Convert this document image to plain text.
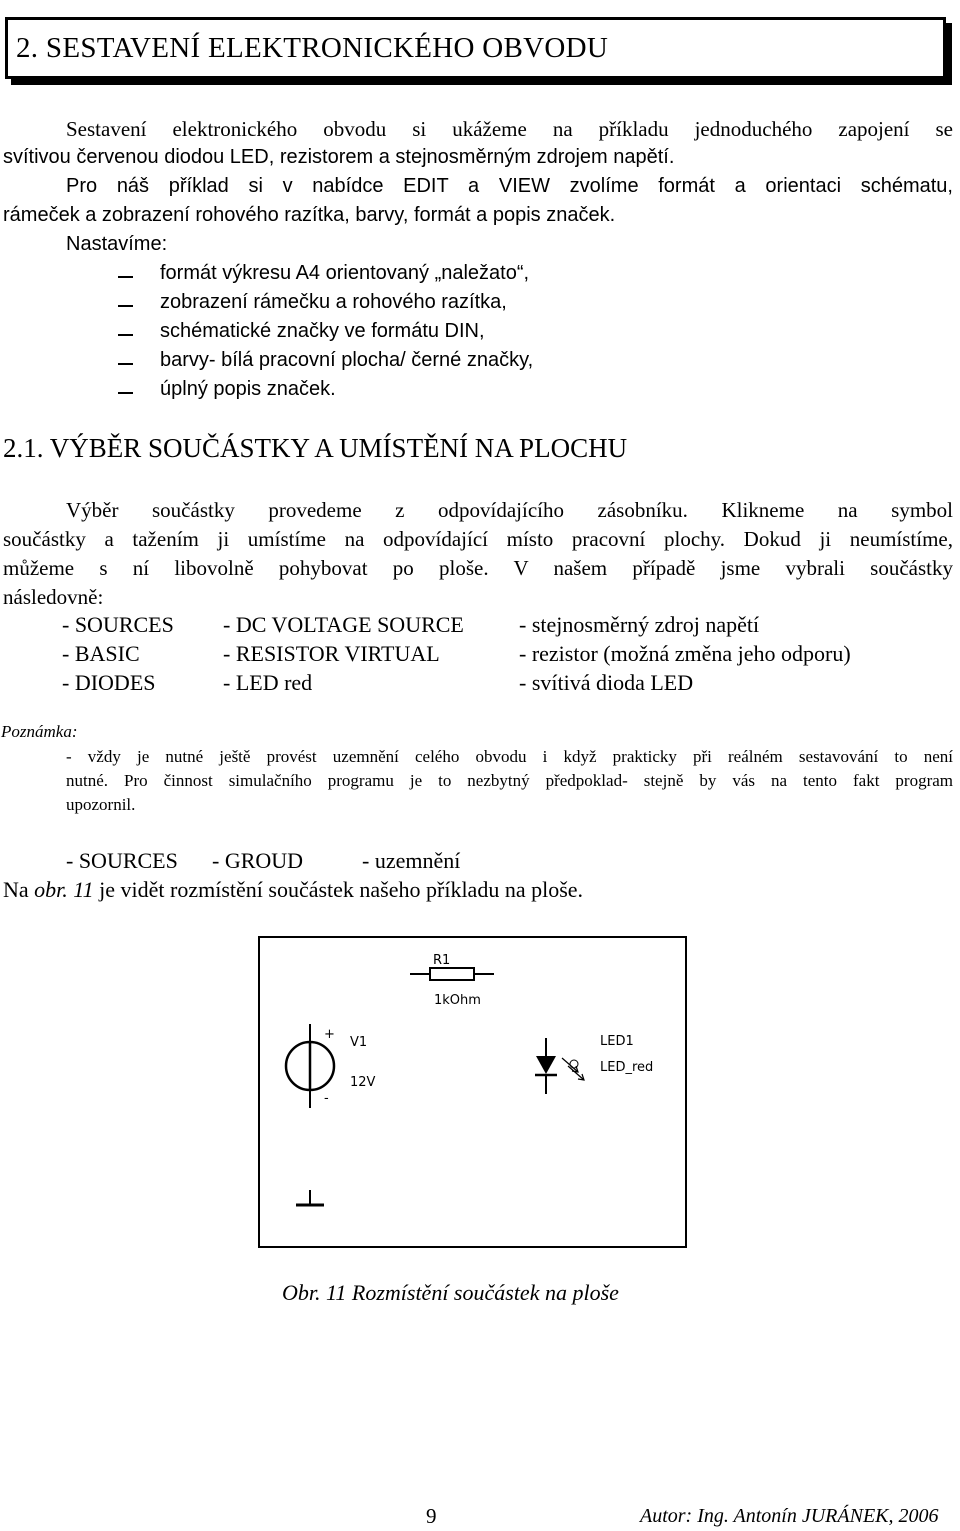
2. SESTAVENÍ ELEKTRONICKÉHO OBVODU
Sestavení elektronického obvodu si ukážeme na příkladu jednoduchého zapojení se
svítivou červenou diodou LED, rezistorem a stejnosměrným zdrojem napětí.
Pro náš příklad si v nabídce EDIT a VIEW zvolíme formát a orientaci schématu,
rámeček a zobrazení rohového razítka, barvy, formát a popis značek.
Nastavíme:
formát výkresu A4 orientovaný „naležato“,
zobrazení rámečku a rohového razítka,
schématické značky ve formátu DIN,
barvy- bílá pracovní plocha/ černé značky,
úplný popis značek.
2.1. VÝBĚR SOUČÁSTKY A UMÍSTĚNÍ NA PLOCHU
Výběr součástky provedeme z odpovídajícího zásobníku. Klikneme na symbol
součástky a tažením ji umístíme na odpovídající místo pracovní plochy. Dokud ji neumístíme,
můžeme s ní libovolně pohybovat po ploše. V našem případě jsme vybrali součástky
následovně:
- SOURCES - DC VOLTAGE SOURCE	- stejnosměrný zdroj napětí
- BASIC	- RESISTOR VIRTUAL	- rezistor (možná změna jeho odporu)
- DIODES	- LED red	- svítivá dioda LED
Poznámka:
- vždy je nutné ještě provést uzemnění celého obvodu i když prakticky při reálném sestavování to není
nutné. Pro činnost simulačního programu je to nezbytný předpoklad- stejně by vás na tento fakt program
upozornil.
- SOURCES - GROUD	- uzemnění
Na obr. 11 je vidět rozmístění součástek našeho příkladu na ploše.
R1
1kOhm
+
-
V1
12V
LED1
LED_red
Obr. 11 Rozmístění součástek na ploše
9	Autor: Ing. Antonín JURÁNEK, 2006
